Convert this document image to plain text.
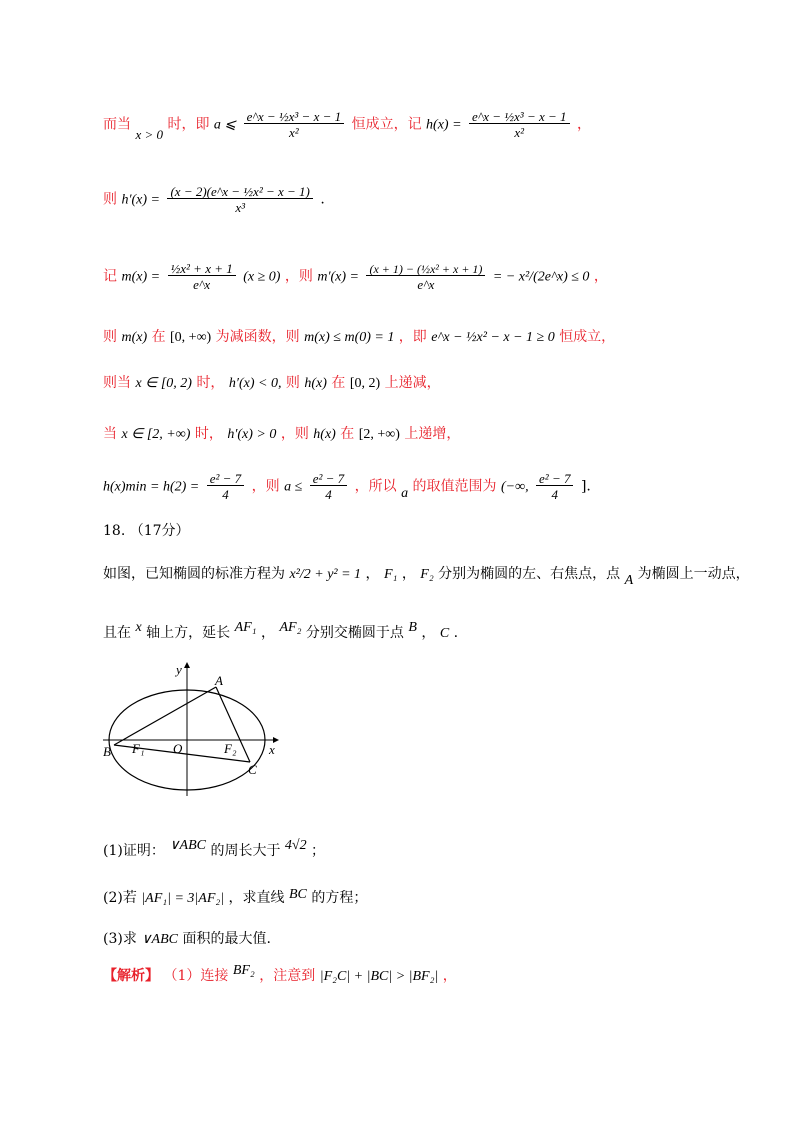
而当 x > 0 时，即 a ⩽ $\frac{\text{e\textasciicircum{}x − ½x³ − x − 1}}{\text{x²}}$ 恒成立，记 $h(x) = \frac{\text{e\textasciicircum{}x − ½x³ − x − 1}}{\text{x²}}$ ，
则 $h'(x) = \frac{\text{(x − 2)(e\textasciicircum{}x − ½x² − x − 1)}}{\text{x³}}$ .
记 $m(x) = \frac{\text{½x² + x + 1}}{e\^{}x} (x \ge 0)$ ，则 $m'(x) = \frac{\text{(x + 1) − (½x² + x + 1)}}{e\^{}x}$ = − x²/(2e^x) ≤ 0 ，
则 m(x) 在 [0, +∞) 为减函数，则 m(x) ≤ m(0) = 1 ，即 e^x − ½x² − x − 1 ≥ 0 恒成立，
则当 x ∈ [0, 2) 时， h′(x) < 0, 则 h(x) 在 [0, 2) 上递减，
当 x ∈ [2, +∞) 时， h′(x) > 0 ，则 h(x) 在 [2, +∞) 上递增，
$h(x)\min = h(2) = \frac{\text{e² − 7}}{4}$ ，则 $a \le \frac{\text{e² − 7}}{4}$ ，所以 a 的取值范围为 (−∞, $\frac{\text{e² − 7}}{4}$ ].
18. （17分）
如图，已知椭圆的标准方程为 x²/2 + y² = 1 ， F₁ ， F₂ 分别为椭圆的左、右焦点，点 A 为椭圆上一动点，
且在 x 轴上方，延长 AF₁ ， AF₂ 分别交椭圆于点 B ， C .
y
x
A
B
C
O
F₁	F₂
(1)证明： ∨ABC 的周长大于 4√2 ；
(2)若 |AF₁| = 3|AF₂| ，求直线 BC 的方程；
(3)求 ∨ABC 面积的最大值.
【解析】 （1）连接 BF₂ ，注意到 |F₂C| + |BC| > |BF₂| ，
